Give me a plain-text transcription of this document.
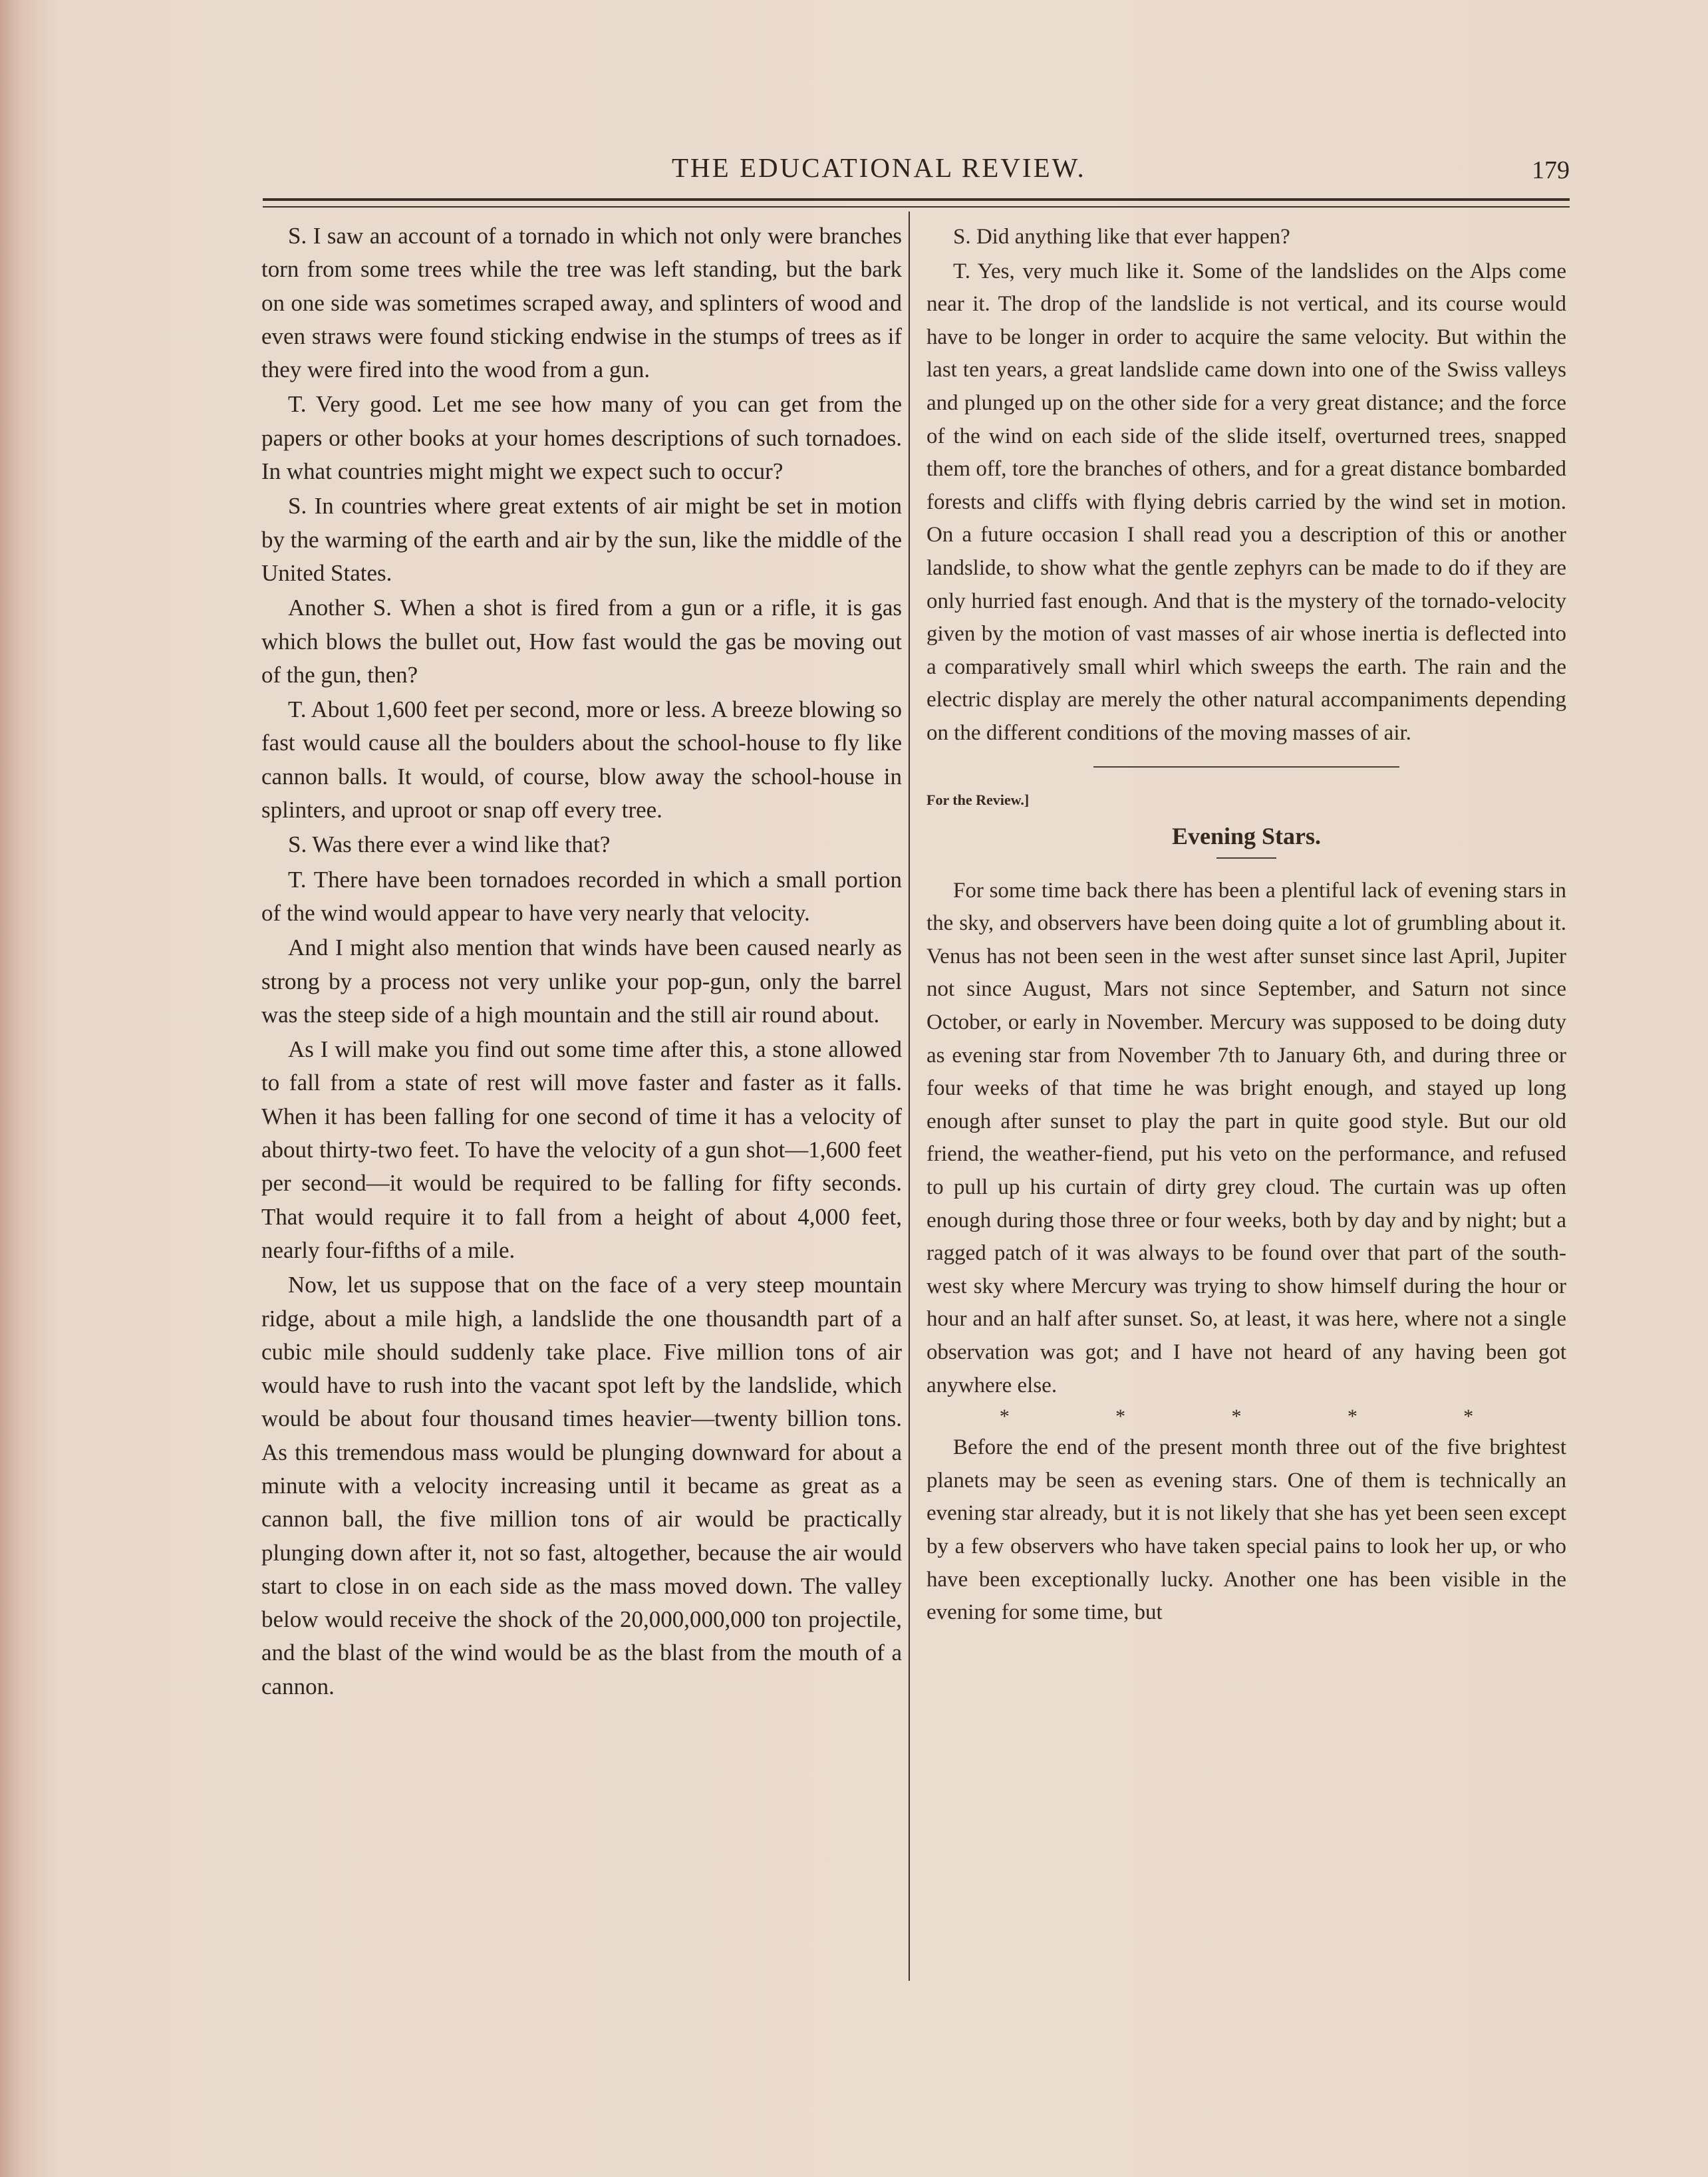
THE EDUCATIONAL REVIEW.	179

S. I saw an account of a tornado in which not only were branches torn from some trees while the tree was left standing, but the bark on one side was sometimes scraped away, and splinters of wood and even straws were found sticking endwise in the stumps of trees as if they were fired into the wood from a gun.

T. Very good. Let me see how many of you can get from the papers or other books at your homes descriptions of such tornadoes. In what countries might might we expect such to occur?

S. In countries where great extents of air might be set in motion by the warming of the earth and air by the sun, like the middle of the United States.

Another S. When a shot is fired from a gun or a rifle, it is gas which blows the bullet out, How fast would the gas be moving out of the gun, then?

T. About 1,600 feet per second, more or less. A breeze blowing so fast would cause all the boulders about the school-house to fly like cannon balls. It would, of course, blow away the school-house in splinters, and uproot or snap off every tree.

S. Was there ever a wind like that?

T. There have been tornadoes recorded in which a small portion of the wind would appear to have very nearly that velocity.

And I might also mention that winds have been caused nearly as strong by a process not very unlike your pop-gun, only the barrel was the steep side of a high mountain and the still air round about.

As I will make you find out some time after this, a stone allowed to fall from a state of rest will move faster and faster as it falls. When it has been falling for one second of time it has a velocity of about thirty-two feet. To have the velocity of a gun shot—1,600 feet per second—it would be required to be falling for fifty seconds. That would require it to fall from a height of about 4,000 feet, nearly four-fifths of a mile.

Now, let us suppose that on the face of a very steep mountain ridge, about a mile high, a landslide the one thousandth part of a cubic mile should suddenly take place. Five million tons of air would have to rush into the vacant spot left by the landslide, which would be about four thousand times heavier—twenty billion tons. As this tremendous mass would be plunging downward for about a minute with a velocity increasing until it became as great as a cannon ball, the five million tons of air would be practically plunging down after it, not so fast, altogether, because the air would start to close in on each side as the mass moved down. The valley below would receive the shock of the 20,000,000,000 ton projectile, and the blast of the wind would be as the blast from the mouth of a cannon.

S. Did anything like that ever happen?

T. Yes, very much like it. Some of the landslides on the Alps come near it. The drop of the landslide is not vertical, and its course would have to be longer in order to acquire the same velocity. But within the last ten years, a great landslide came down into one of the Swiss valleys and plunged up on the other side for a very great distance; and the force of the wind on each side of the slide itself, overturned trees, snapped them off, tore the branches of others, and for a great distance bombarded forests and cliffs with flying debris carried by the wind set in motion. On a future occasion I shall read you a description of this or another landslide, to show what the gentle zephyrs can be made to do if they are only hurried fast enough. And that is the mystery of the tornado-velocity given by the motion of vast masses of air whose inertia is deflected into a comparatively small whirl which sweeps the earth. The rain and the electric display are merely the other natural accompaniments depending on the different conditions of the moving masses of air.

For the Review.]

Evening Stars.

For some time back there has been a plentiful lack of evening stars in the sky, and observers have been doing quite a lot of grumbling about it. Venus has not been seen in the west after sunset since last April, Jupiter not since August, Mars not since September, and Saturn not since October, or early in November. Mercury was supposed to be doing duty as evening star from November 7th to January 6th, and during three or four weeks of that time he was bright enough, and stayed up long enough after sunset to play the part in quite good style. But our old friend, the weather-fiend, put his veto on the performance, and refused to pull up his curtain of dirty grey cloud. The curtain was up often enough during those three or four weeks, both by day and by night; but a ragged patch of it was always to be found over that part of the south-west sky where Mercury was trying to show himself during the hour or hour and an half after sunset. So, at least, it was here, where not a single observation was got; and I have not heard of any having been got anywhere else.

*	*	*	*	*

Before the end of the present month three out of the five brightest planets may be seen as evening stars. One of them is technically an evening star already, but it is not likely that she has yet been seen except by a few observers who have taken special pains to look her up, or who have been exceptionally lucky. Another one has been visible in the evening for some time, but
